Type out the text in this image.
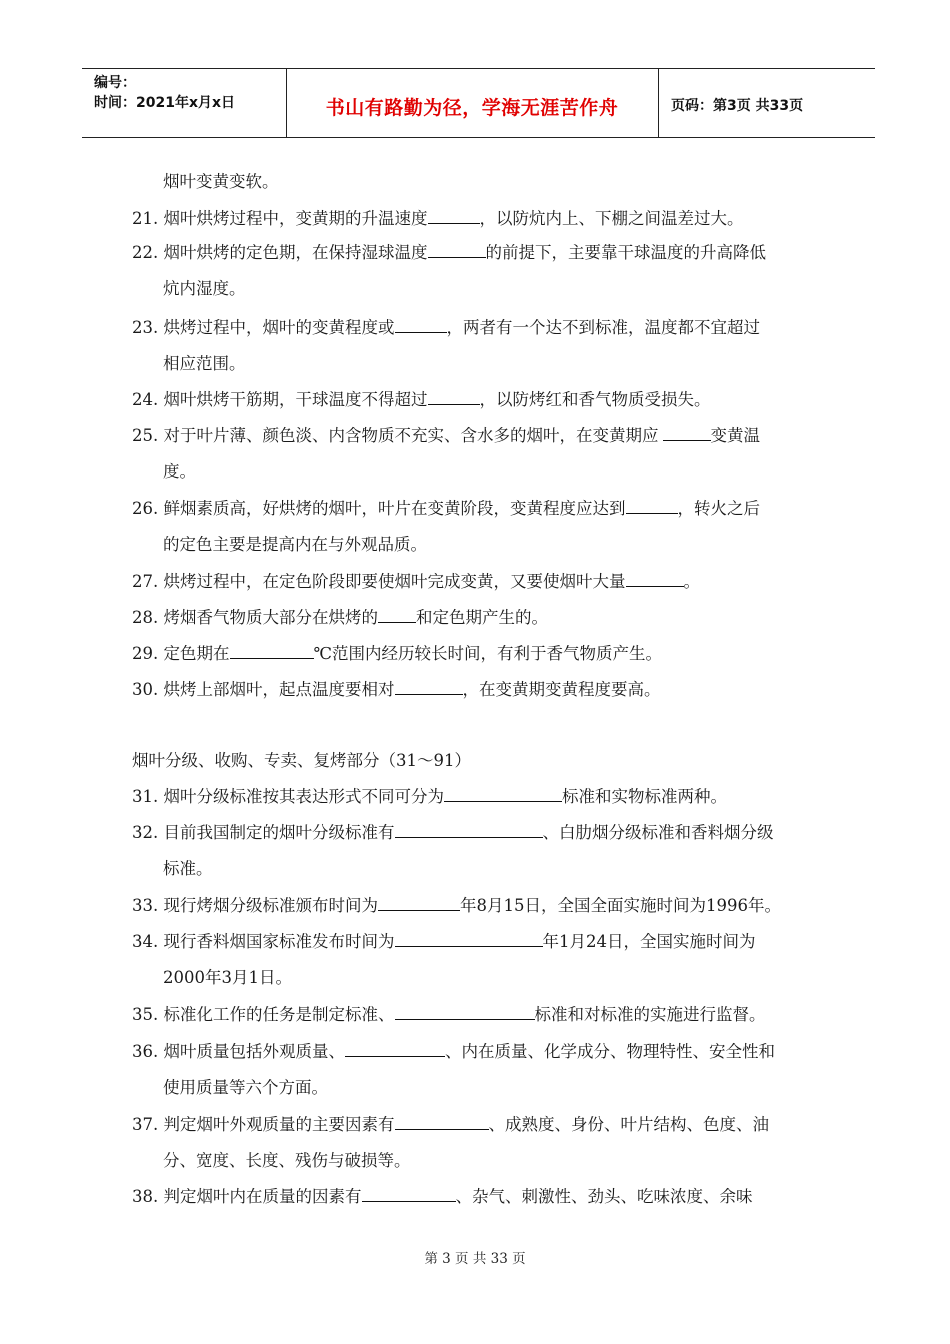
编号：
时间：2021年x月x日	书山有路勤为径，学海无涯苦作舟	页码：第3页 共33页
烟叶变黄变软。
21. 烟叶烘烤过程中，变黄期的升温速度	，以防炕内上、下棚之间温差过大。
22. 烟叶烘烤的定色期，在保持湿球温度	的前提下，主要靠干球温度的升高降低
炕内湿度。
23. 烘烤过程中，烟叶的变黄程度或	，两者有一个达不到标准，温度都不宜超过
相应范围。
24. 烟叶烘烤干筋期，干球温度不得超过	，以防烤红和香气物质受损失。
25. 对于叶片薄、颜色淡、内含物质不充实、含水多的烟叶，在变黄期应	变黄温
度。
26. 鲜烟素质高，好烘烤的烟叶，叶片在变黄阶段，变黄程度应达到	，转火之后
的定色主要是提高内在与外观品质。
27. 烘烤过程中，在定色阶段即要使烟叶完成变黄，又要使烟叶大量	。
28. 烤烟香气物质大部分在烘烤的 和定色期产生的。
29. 定色期在	℃范围内经历较长时间，有利于香气物质产生。
30. 烘烤上部烟叶，起点温度要相对	，在变黄期变黄程度要高。
烟叶分级、收购、专卖、复烤部分（31～91）
31. 烟叶分级标准按其表达形式不同可分为	标准和实物标准两种。
32. 目前我国制定的烟叶分级标准有	、白肋烟分级标准和香料烟分级
标准。
33. 现行烤烟分级标准颁布时间为	年8月15日，全国全面实施时间为1996年。
34. 现行香料烟国家标准发布时间为	年1月24日，全国实施时间为
2000年3月1日。
35. 标准化工作的任务是制定标准、	标准和对标准的实施进行监督。
36. 烟叶质量包括外观质量、	、内在质量、化学成分、物理特性、安全性和
使用质量等六个方面。
37. 判定烟叶外观质量的主要因素有	、成熟度、身份、叶片结构、色度、油
分、宽度、长度、残伤与破损等。
38. 判定烟叶内在质量的因素有	、杂气、刺激性、劲头、吃味浓度、余味
第 3 页 共 33 页
